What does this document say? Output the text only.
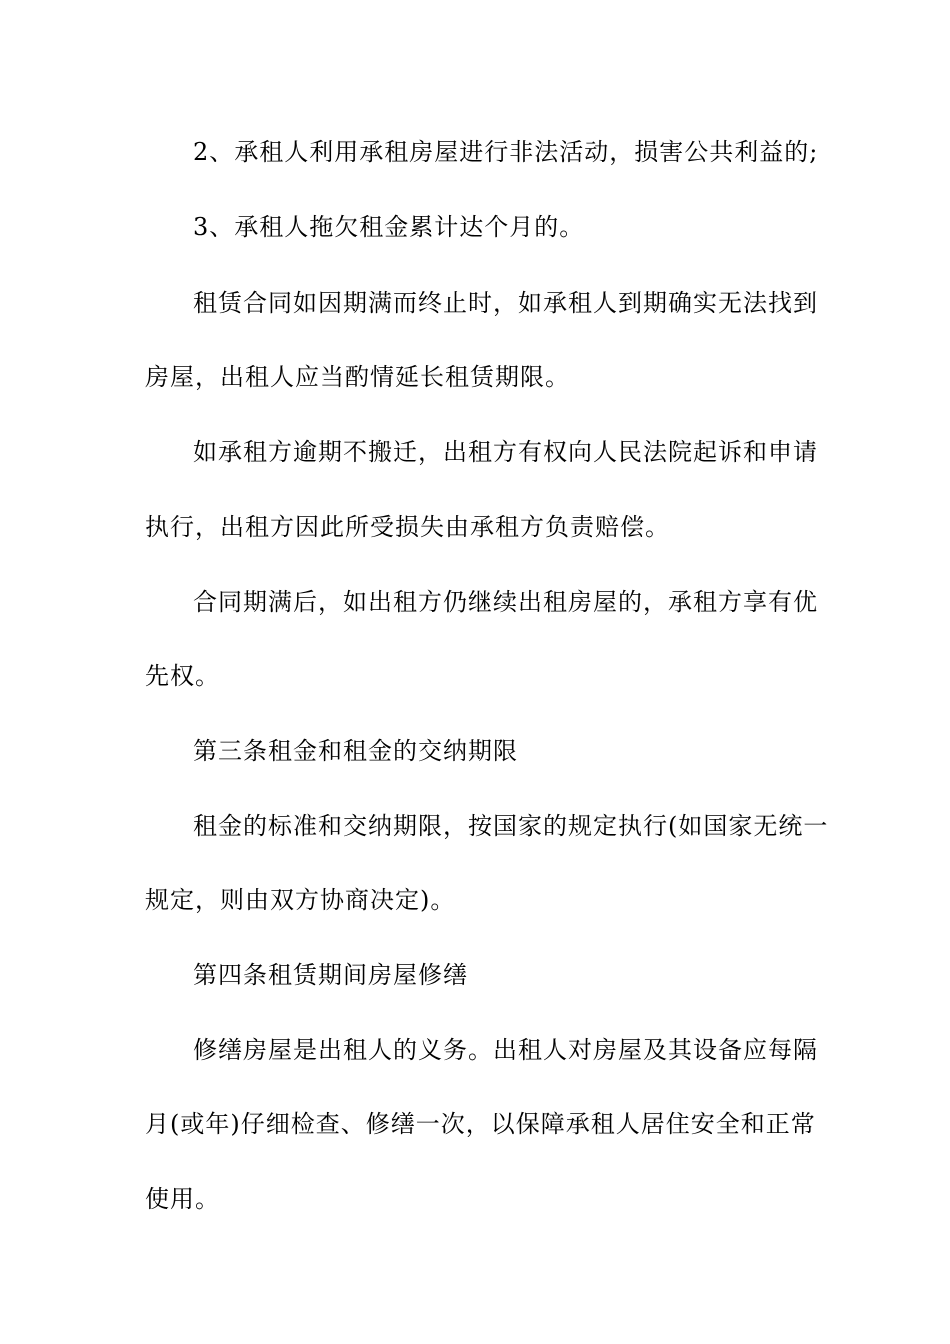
2、承租人利用承租房屋进行非法活动，损害公共利益的;
3、承租人拖欠租金累计达个月的。
租赁合同如因期满而终止时，如承租人到期确实无法找到
房屋，出租人应当酌情延长租赁期限。
如承租方逾期不搬迁，出租方有权向人民法院起诉和申请
执行，出租方因此所受损失由承租方负责赔偿。
合同期满后，如出租方仍继续出租房屋的，承租方享有优
先权。
第三条租金和租金的交纳期限
租金的标准和交纳期限，按国家的规定执行(如国家无统一
规定，则由双方协商决定)。
第四条租赁期间房屋修缮
修缮房屋是出租人的义务。出租人对房屋及其设备应每隔
月(或年)仔细检查、修缮一次，以保障承租人居住安全和正常
使用。
